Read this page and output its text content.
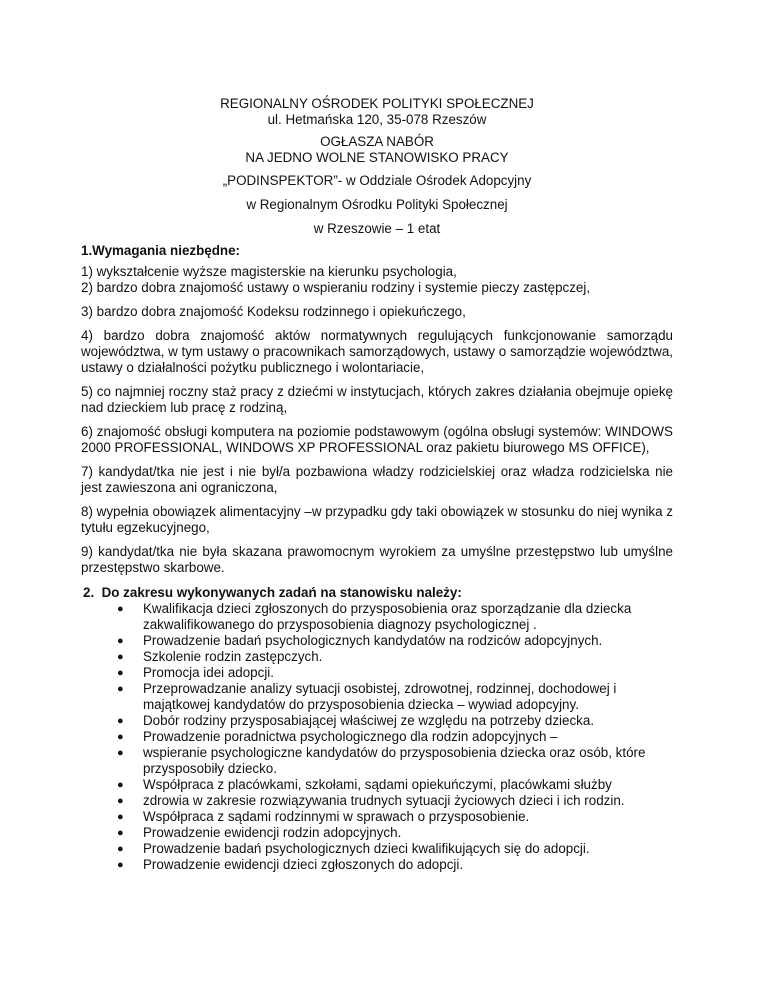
REGIONALNY OŚRODEK POLITYKI SPOŁECZNEJ
ul. Hetmańska 120, 35-078 Rzeszów
OGŁASZA NABÓR
NA JEDNO WOLNE STANOWISKO PRACY
„PODINSPEKTOR”- w Oddziale Ośrodek Adopcyjny
w Regionalnym Ośrodku Polityki Społecznej
w Rzeszowie – 1 etat

1.Wymagania niezbędne:

1) wykształcenie wyższe magisterskie na kierunku psychologia,

2) bardzo dobra znajomość ustawy o wspieraniu rodziny i systemie pieczy zastępczej,

3) bardzo dobra znajomość Kodeksu rodzinnego i opiekuńczego,

4) bardzo dobra znajomość aktów normatywnych regulujących funkcjonowanie samorządu województwa, w tym ustawy o pracownikach samorządowych, ustawy o samorządzie województwa, ustawy o działalności pożytku publicznego i wolontariacie,

5) co najmniej roczny staż pracy z dziećmi w instytucjach, których zakres działania obejmuje opiekę nad dzieckiem lub pracę z rodziną,

6) znajomość obsługi komputera na poziomie podstawowym (ogólna obsługi systemów: WINDOWS      2000 PROFESSIONAL, WINDOWS XP PROFESSIONAL oraz pakietu biurowego MS OFFICE),

7) kandydat/tka nie jest i nie był/a pozbawiona władzy rodzicielskiej oraz władza rodzicielska nie jest zawieszona ani ograniczona,

8) wypełnia obowiązek alimentacyjny –w przypadku gdy taki obowiązek w stosunku do niej wynika z tytułu egzekucyjnego,

9) kandydat/tka nie była skazana prawomocnym wyrokiem za umyślne przestępstwo lub umyślne przestępstwo skarbowe.

2.  Do zakresu wykonywanych zadań na stanowisku należy:

● Kwalifikacja dzieci zgłoszonych do przysposobienia oraz sporządzanie dla dziecka zakwalifikowanego do przysposobienia diagnozy psychologicznej .
● Prowadzenie badań psychologicznych kandydatów na rodziców adopcyjnych.
● Szkolenie rodzin zastępczych.
● Promocja idei adopcji.
● Przeprowadzanie analizy sytuacji osobistej, zdrowotnej, rodzinnej, dochodowej i majątkowej kandydatów do przysposobienia dziecka – wywiad adopcyjny.
● Dobór rodziny przysposabiającej właściwej ze względu na potrzeby dziecka.
● Prowadzenie poradnictwa psychologicznego dla rodzin adopcyjnych –
● wspieranie psychologiczne kandydatów do przysposobienia dziecka oraz osób, które przysposobiły dziecko.
● Współpraca z placówkami, szkołami, sądami opiekuńczymi, placówkami służby
● zdrowia w zakresie rozwiązywania trudnych sytuacji życiowych dzieci i ich rodzin.
● Współpraca z sądami rodzinnymi w sprawach o przysposobienie.
● Prowadzenie ewidencji rodzin adopcyjnych.
● Prowadzenie badań psychologicznych dzieci kwalifikujących się do adopcji.
● Prowadzenie ewidencji dzieci zgłoszonych do adopcji.
